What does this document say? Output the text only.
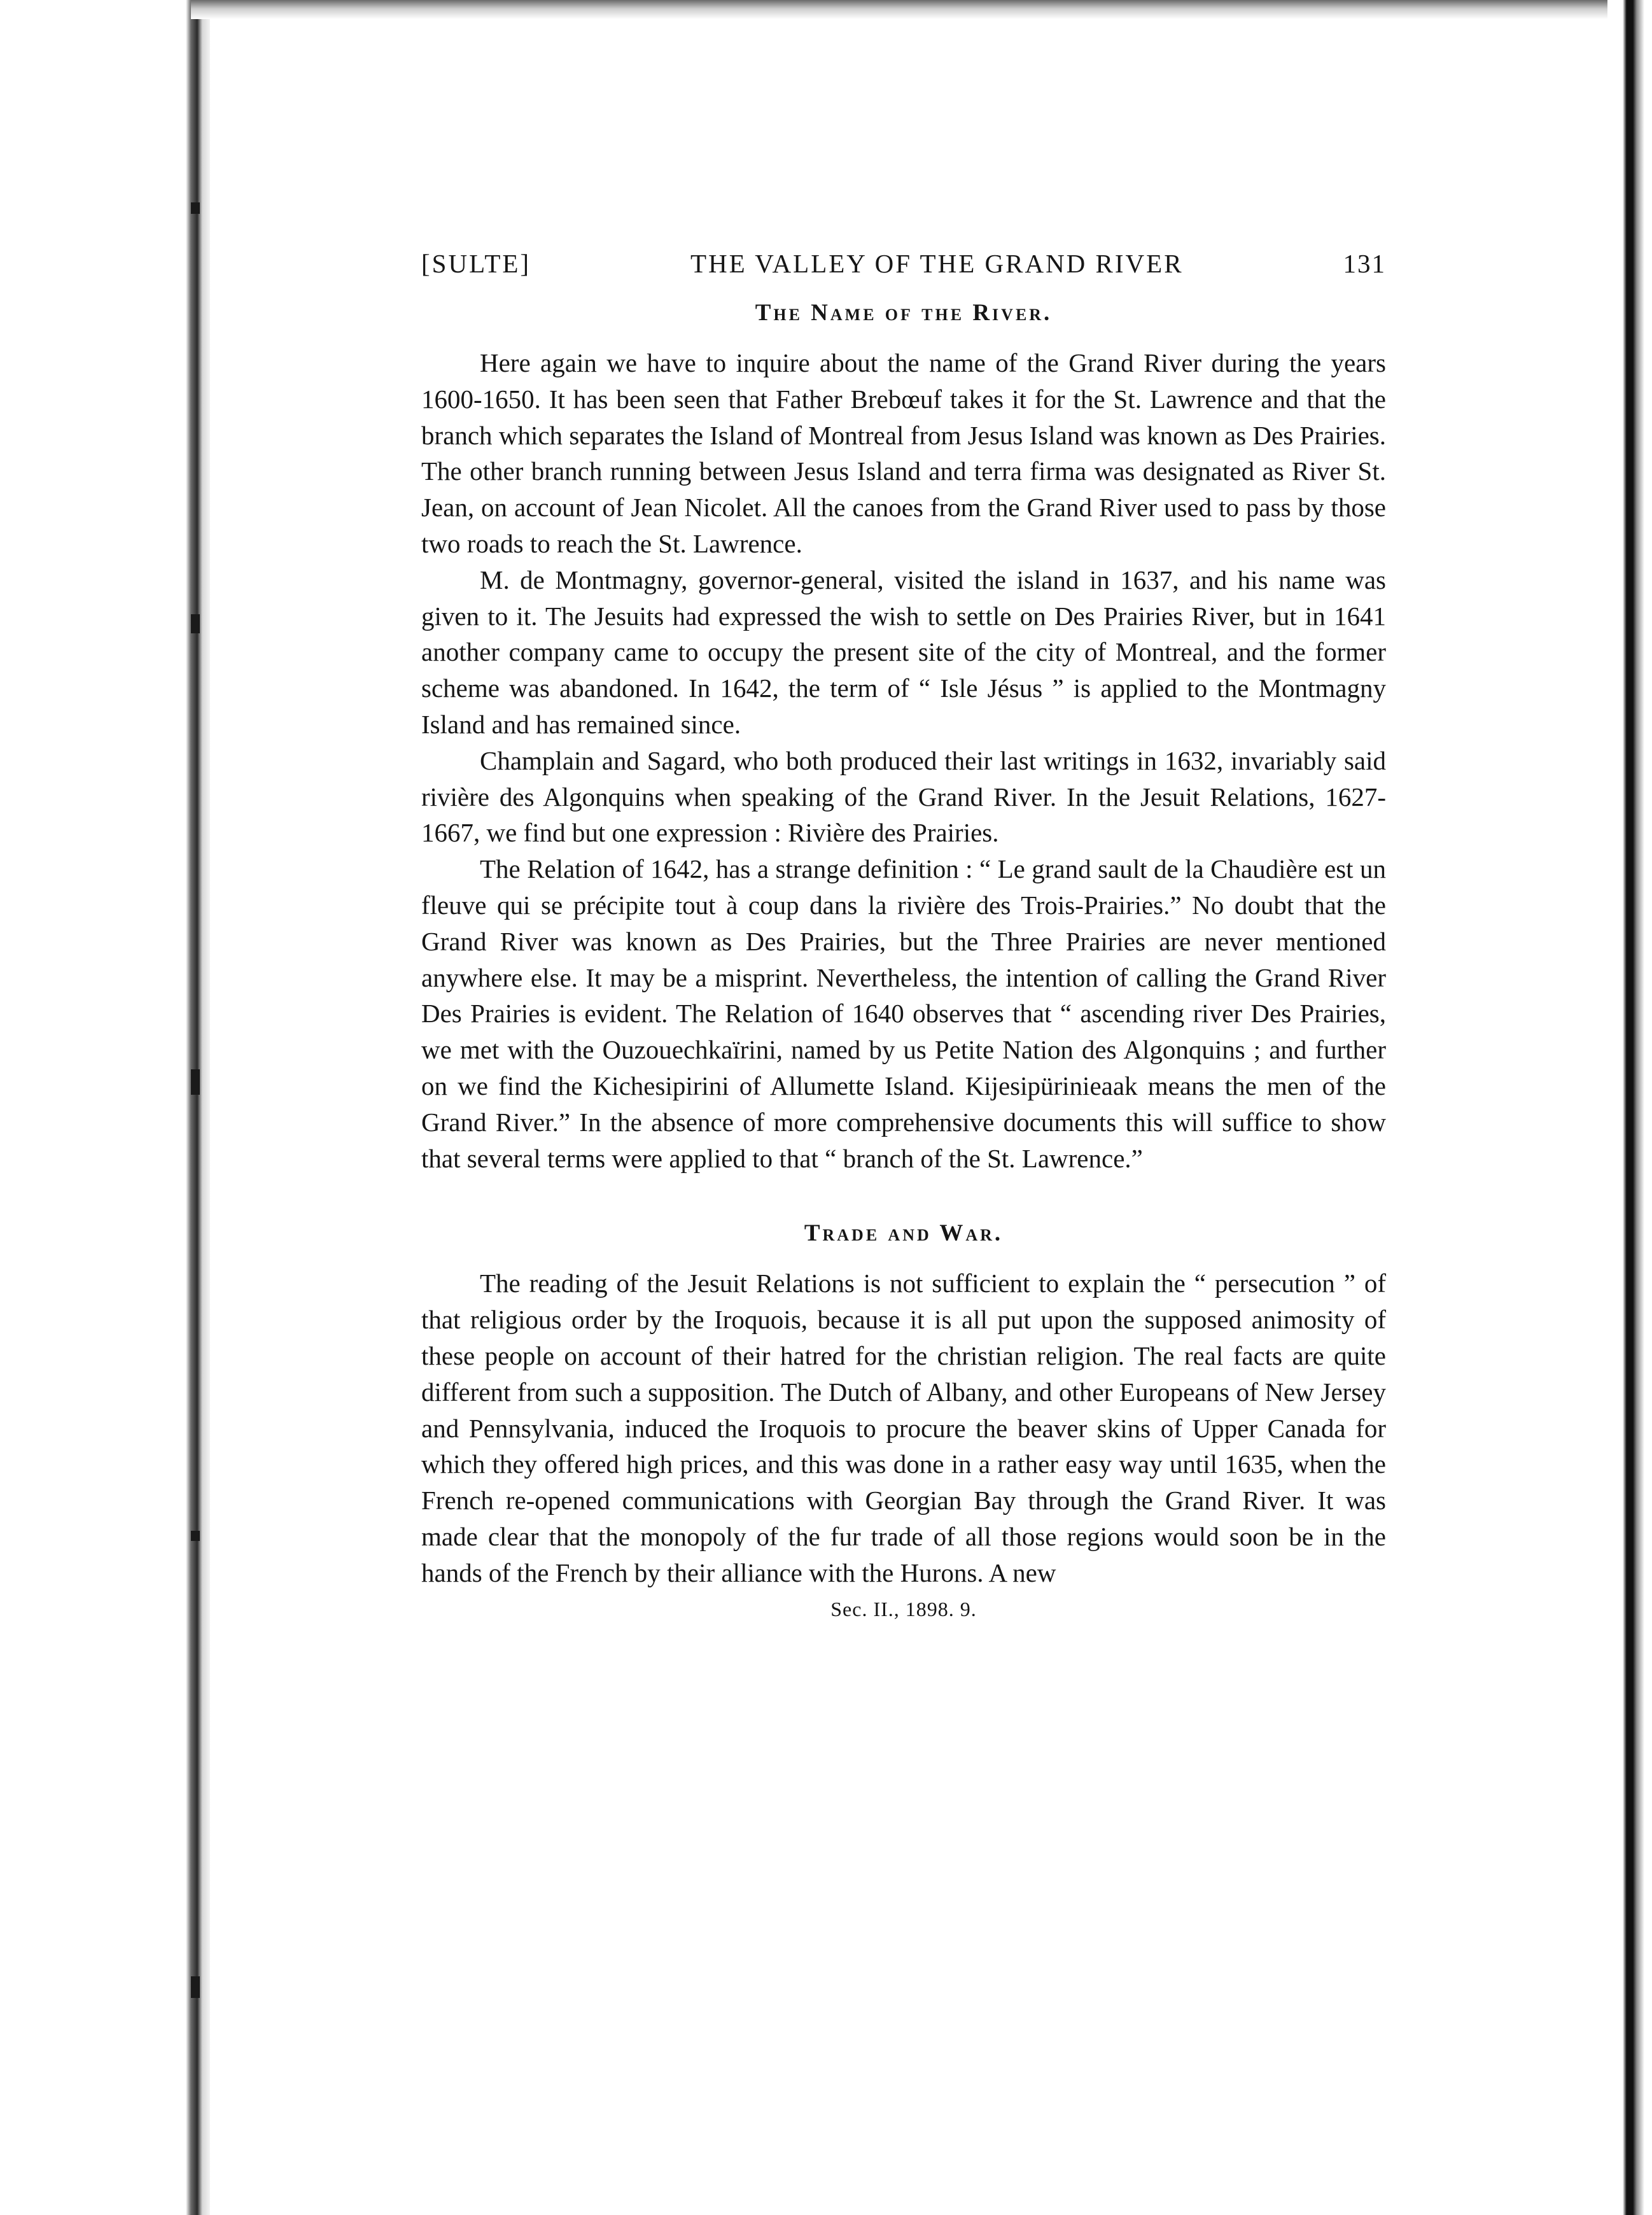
[SULTE]	THE VALLEY OF THE GRAND RIVER	131
The Name of the River.

Here again we have to inquire about the name of the Grand River during the years 1600-1650. It has been seen that Father Brebœuf takes it for the St. Lawrence and that the branch which separates the Island of Montreal from Jesus Island was known as Des Prairies. The other branch running between Jesus Island and terra firma was designated as River St. Jean, on account of Jean Nicolet. All the canoes from the Grand River used to pass by those two roads to reach the St. Lawrence.

M. de Montmagny, governor-general, visited the island in 1637, and his name was given to it. The Jesuits had expressed the wish to settle on Des Prairies River, but in 1641 another company came to occupy the present site of the city of Montreal, and the former scheme was abandoned. In 1642, the term of “ Isle Jésus ” is applied to the Montmagny Island and has remained since.

Champlain and Sagard, who both produced their last writings in 1632, invariably said rivière des Algonquins when speaking of the Grand River. In the Jesuit Relations, 1627-1667, we find but one expression : Rivière des Prairies.

The Relation of 1642, has a strange definition : “ Le grand sault de la Chaudière est un fleuve qui se précipite tout à coup dans la rivière des Trois-Prairies.” No doubt that the Grand River was known as Des Prairies, but the Three Prairies are never mentioned anywhere else. It may be a misprint. Nevertheless, the intention of calling the Grand River Des Prairies is evident. The Relation of 1640 observes that “ ascending river Des Prairies, we met with the Ouzouechkaïrini, named by us Petite Nation des Algonquins ; and further on we find the Kichesipirini of Allumette Island. Kijesipürinieaak means the men of the Grand River.” In the absence of more comprehensive documents this will suffice to show that several terms were applied to that “ branch of the St. Lawrence.”

Trade and War.

The reading of the Jesuit Relations is not sufficient to explain the “ persecution ” of that religious order by the Iroquois, because it is all put upon the supposed animosity of these people on account of their hatred for the christian religion. The real facts are quite different from such a supposition. The Dutch of Albany, and other Europeans of New Jersey and Pennsylvania, induced the Iroquois to procure the beaver skins of Upper Canada for which they offered high prices, and this was done in a rather easy way until 1635, when the French re-opened communications with Georgian Bay through the Grand River. It was made clear that the monopoly of the fur trade of all those regions would soon be in the hands of the French by their alliance with the Hurons. A new

Sec. II., 1898. 9.
